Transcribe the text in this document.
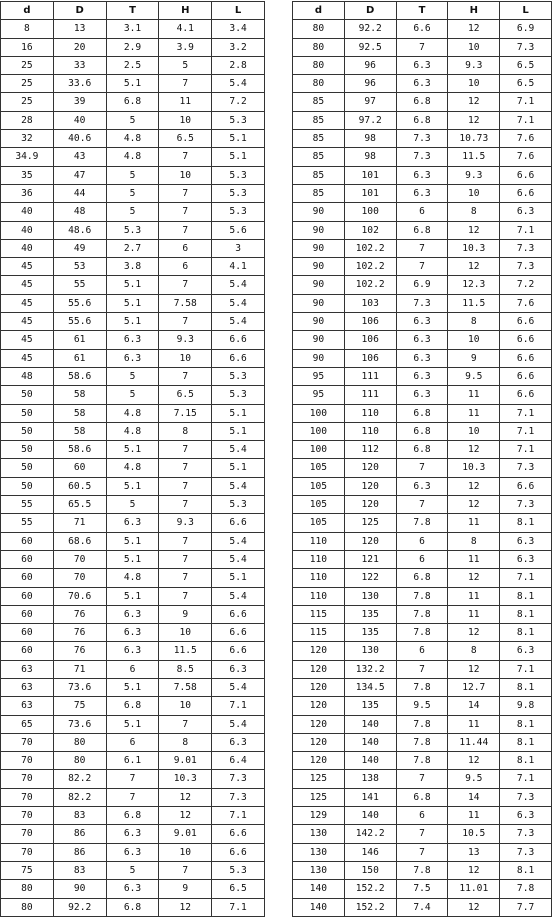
d	D	T	H	L
8	13	3.1	4.1	3.4
16	20	2.9	3.9	3.2
25	33	2.5	5	2.8
25	33.6	5.1	7	5.4
25	39	6.8	11	7.2
28	40	5	10	5.3
32	40.6	4.8	6.5	5.1
34.9	43	4.8	7	5.1
35	47	5	10	5.3
36	44	5	7	5.3
40	48	5	7	5.3
40	48.6	5.3	7	5.6
40	49	2.7	6	3
45	53	3.8	6	4.1
45	55	5.1	7	5.4
45	55.6	5.1	7.58	5.4
45	55.6	5.1	7	5.4
45	61	6.3	9.3	6.6
45	61	6.3	10	6.6
48	58.6	5	7	5.3
50	58	5	6.5	5.3
50	58	4.8	7.15	5.1
50	58	4.8	8	5.1
50	58.6	5.1	7	5.4
50	60	4.8	7	5.1
50	60.5	5.1	7	5.4
55	65.5	5	7	5.3
55	71	6.3	9.3	6.6
60	68.6	5.1	7	5.4
60	70	5.1	7	5.4
60	70	4.8	7	5.1
60	70.6	5.1	7	5.4
60	76	6.3	9	6.6
60	76	6.3	10	6.6
60	76	6.3	11.5	6.6
63	71	6	8.5	6.3
63	73.6	5.1	7.58	5.4
63	75	6.8	10	7.1
65	73.6	5.1	7	5.4
70	80	6	8	6.3
70	80	6.1	9.01	6.4
70	82.2	7	10.3	7.3
70	82.2	7	12	7.3
70	83	6.8	12	7.1
70	86	6.3	9.01	6.6
70	86	6.3	10	6.6
75	83	5	7	5.3
80	90	6.3	9	6.5
80	92.2	6.8	12	7.1
d	D	T	H	L
80	92.2	6.6	12	6.9
80	92.5	7	10	7.3
80	96	6.3	9.3	6.5
80	96	6.3	10	6.5
85	97	6.8	12	7.1
85	97.2	6.8	12	7.1
85	98	7.3	10.73	7.6
85	98	7.3	11.5	7.6
85	101	6.3	9.3	6.6
85	101	6.3	10	6.6
90	100	6	8	6.3
90	102	6.8	12	7.1
90	102.2	7	10.3	7.3
90	102.2	7	12	7.3
90	102.2	6.9	12.3	7.2
90	103	7.3	11.5	7.6
90	106	6.3	8	6.6
90	106	6.3	10	6.6
90	106	6.3	9	6.6
95	111	6.3	9.5	6.6
95	111	6.3	11	6.6
100	110	6.8	11	7.1
100	110	6.8	10	7.1
100	112	6.8	12	7.1
105	120	7	10.3	7.3
105	120	6.3	12	6.6
105	120	7	12	7.3
105	125	7.8	11	8.1
110	120	6	8	6.3
110	121	6	11	6.3
110	122	6.8	12	7.1
110	130	7.8	11	8.1
115	135	7.8	11	8.1
115	135	7.8	12	8.1
120	130	6	8	6.3
120	132.2	7	12	7.1
120	134.5	7.8	12.7	8.1
120	135	9.5	14	9.8
120	140	7.8	11	8.1
120	140	7.8	11.44	8.1
120	140	7.8	12	8.1
125	138	7	9.5	7.1
125	141	6.8	14	7.3
129	140	6	11	6.3
130	142.2	7	10.5	7.3
130	146	7	13	7.3
130	150	7.8	12	8.1
140	152.2	7.5	11.01	7.8
140	152.2	7.4	12	7.7
